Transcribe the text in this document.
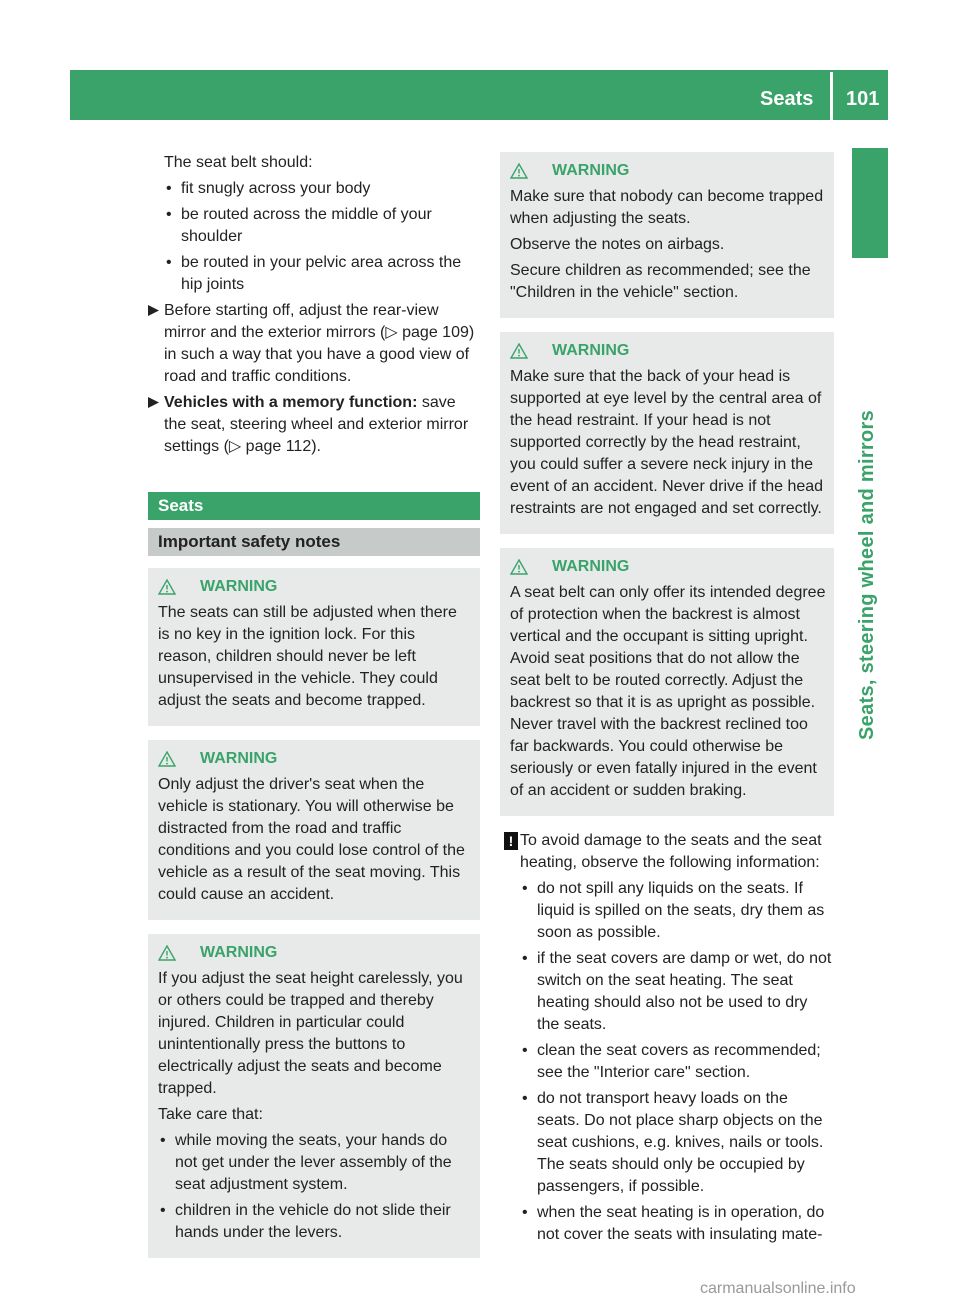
Seats 101
Seats, steering wheel and mirrors

The seat belt should:

• fit snugly across your body
• be routed across the middle of your shoulder
• be routed in your pelvic area across the hip joints
Before starting off, adjust the rear-view mirror and the exterior mirrors (▷ page 109) in such a way that you have a good view of road and traffic conditions.
Vehicles with a memory function: save the seat, steering wheel and exterior mirror settings (▷ page 112).
Seats
Important safety notes
WARNING

The seats can still be adjusted when there is no key in the ignition lock. For this reason, children should never be left unsupervised in the vehicle. They could adjust the seats and become trapped.

WARNING

Only adjust the driver's seat when the vehicle is stationary. You will otherwise be distracted from the road and traffic conditions and you could lose control of the vehicle as a result of the seat moving. This could cause an accident.

WARNING

If you adjust the seat height carelessly, you or others could be trapped and thereby injured. Children in particular could unintentionally press the buttons to electrically adjust the seats and become trapped.

Take care that:

• while moving the seats, your hands do not get under the lever assembly of the seat adjustment system.
• children in the vehicle do not slide their hands under the levers.
WARNING

Make sure that nobody can become trapped when adjusting the seats.

Observe the notes on airbags.

Secure children as recommended; see the "Children in the vehicle" section.

WARNING

Make sure that the back of your head is supported at eye level by the central area of the head restraint. If your head is not supported correctly by the head restraint, you could suffer a severe neck injury in the event of an accident. Never drive if the head restraints are not engaged and set correctly.

WARNING

A seat belt can only offer its intended degree of protection when the backrest is almost vertical and the occupant is sitting upright. Avoid seat positions that do not allow the seat belt to be routed correctly. Adjust the backrest so that it is as upright as possible. Never travel with the backrest reclined too far backwards. You could otherwise be seriously or even fatally injured in the event of an accident or sudden braking.

! To avoid damage to the seats and the seat heating, observe the following information:

• do not spill any liquids on the seats. If liquid is spilled on the seats, dry them as soon as possible.
• if the seat covers are damp or wet, do not switch on the seat heating. The seat heating should also not be used to dry the seats.
• clean the seat covers as recommended; see the "Interior care" section.
• do not transport heavy loads on the seats. Do not place sharp objects on the seat cushions, e.g. knives, nails or tools. The seats should only be occupied by passengers, if possible.
• when the seat heating is in operation, do not cover the seats with insulating mate-
carmanualsonline.info
